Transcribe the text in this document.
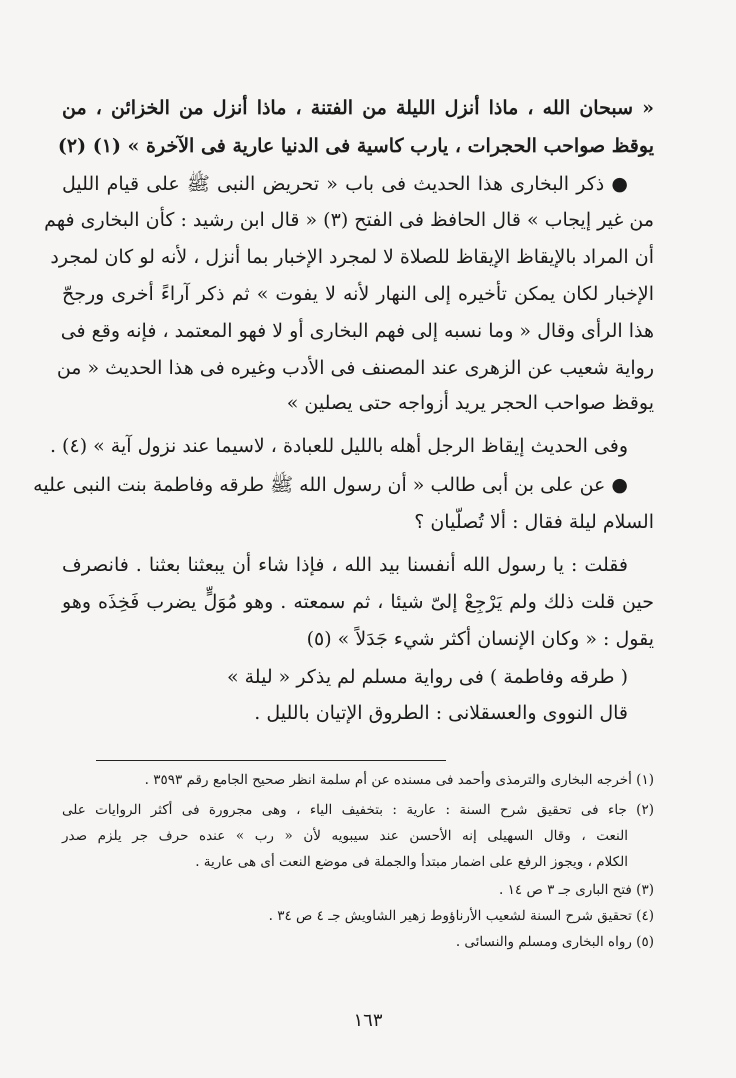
« سبحان الله ، ماذا أنزل الليلة من الفتنة ، ماذا أنزل من الخزائن ، من
يوقظ صواحب الحجرات ، يارب كاسية فى الدنيا عارية فى الآخرة » (١) (٢)
● ذكر البخارى هذا الحديث فى باب « تحريض النبى ﷺ على قيام الليل
من غير إيجاب » قال الحافظ فى الفتح (٣) « قال ابن رشيد : كأن البخارى فهم
أن المراد بالإيقاظ الإيقاظ للصلاة لا لمجرد الإخبار بما أنزل ، لأنه لو كان لمجرد
الإخبار لكان يمكن تأخيره إلى النهار لأنه لا يفوت » ثم ذكر آراءً أخرى ورجحّ
هذا الرأى وقال « وما نسبه إلى فهم البخارى أو لا فهو المعتمد ، فإنه وقع فى
رواية شعيب عن الزهرى عند المصنف فى الأدب وغيره فى هذا الحديث « من
يوقظ صواحب الحجر يريد أزواجه حتى يصلين »
وفى الحديث إيقاظ الرجل أهله بالليل للعبادة ، لاسيما عند نزول آية » (٤) .
● عن على بن أبى طالب « أن رسول الله ﷺ طرقه وفاطمة بنت النبى عليه
السلام ليلة فقال : ألا تُصلّيان ؟
فقلت : يا رسول الله أنفسنا بيد الله ، فإذا شاء أن يبعثنا بعثنا . فانصرف
حين قلت ذلك ولم يَرْجِعْ إلىّ شيئا ، ثم سمعته . وهو مُوَلٍّ يضرب فَخِذَه وهو
يقول : « وكان الإنسان أكثر شيء جَدَلاً » (٥)
( طرقه وفاطمة ) فى رواية مسلم لم يذكر « ليلة »
قال النووى والعسقلانى : الطروق الإتيان بالليل .
(١) أخرجه البخارى والترمذى وأحمد فى مسنده عن أم سلمة انظر صحيح الجامع رقم ٣٥٩٣ .
(٢) جاء فى تحقيق شرح السنة : عارية : بتخفيف الياء ، وهى مجرورة فى أكثر الروايات على
النعت ، وقال السهيلى إنه الأحسن عند سيبويه لأن « رب » عنده حرف جر يلزم صدر
الكلام ، ويجوز الرفع على اضمار مبتدأ والجملة فى موضع النعت أى هى عارية .
(٣) فتح البارى جـ ٣ ص ١٤ .
(٤) تحقيق شرح السنة لشعيب الأرناؤوط زهير الشاويش جـ ٤ ص ٣٤ .
(٥) رواه البخارى ومسلم والنسائى .
١٦٣
